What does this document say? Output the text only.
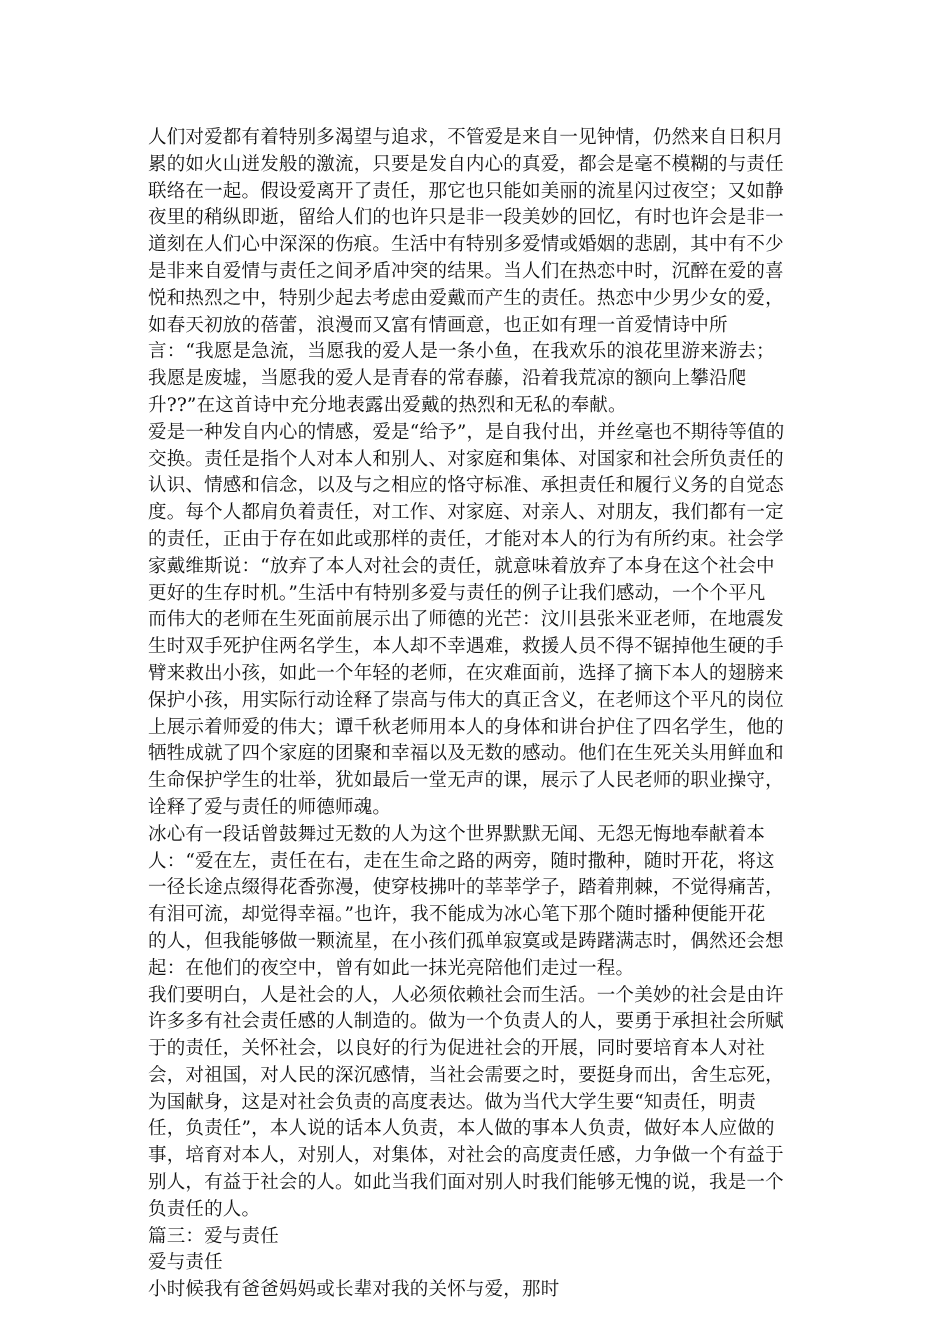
人们对爱都有着特别多渴望与追求，不管爱是来自一见钟情，仍然来自日积月
累的如火山迸发般的激流，只要是发自内心的真爱，都会是毫不模糊的与责任
联络在一起。假设爱离开了责任，那它也只能如美丽的流星闪过夜空；又如静
夜里的稍纵即逝，留给人们的也许只是非一段美妙的回忆，有时也许会是非一
道刻在人们心中深深的伤痕。生活中有特别多爱情或婚姻的悲剧，其中有不少
是非来自爱情与责任之间矛盾冲突的结果。当人们在热恋中时，沉醉在爱的喜
悦和热烈之中，特别少起去考虑由爱戴而产生的责任。热恋中少男少女的爱，
如春天初放的蓓蕾，浪漫而又富有情画意，也正如有理一首爱情诗中所
言：“我愿是急流，当愿我的爱人是一条小鱼，在我欢乐的浪花里游来游去；
我愿是废墟，当愿我的爱人是青春的常春藤，沿着我荒凉的额向上攀沿爬
升??”在这首诗中充分地表露出爱戴的热烈和无私的奉献。
爱是一种发自内心的情感，爱是“给予”，是自我付出，并丝毫也不期待等值的
交换。责任是指个人对本人和别人、对家庭和集体、对国家和社会所负责任的
认识、情感和信念，以及与之相应的恪守标准、承担责任和履行义务的自觉态
度。每个人都肩负着责任，对工作、对家庭、对亲人、对朋友，我们都有一定
的责任，正由于存在如此或那样的责任，才能对本人的行为有所约束。社会学
家戴维斯说：“放弃了本人对社会的责任，就意味着放弃了本身在这个社会中
更好的生存时机。”生活中有特别多爱与责任的例子让我们感动，一个个平凡
而伟大的老师在生死面前展示出了师德的光芒：汶川县张米亚老师，在地震发
生时双手死护住两名学生，本人却不幸遇难，救援人员不得不锯掉他生硬的手
臂来救出小孩，如此一个年轻的老师，在灾难面前，选择了摘下本人的翅膀来
保护小孩，用实际行动诠释了崇高与伟大的真正含义，在老师这个平凡的岗位
上展示着师爱的伟大；谭千秋老师用本人的身体和讲台护住了四名学生，他的
牺牲成就了四个家庭的团聚和幸福以及无数的感动。他们在生死关头用鲜血和
生命保护学生的壮举，犹如最后一堂无声的课，展示了人民老师的职业操守，
诠释了爱与责任的师德师魂。
冰心有一段话曾鼓舞过无数的人为这个世界默默无闻、无怨无悔地奉献着本
人：“爱在左，责任在右，走在生命之路的两旁，随时撒种，随时开花，将这
一径长途点缀得花香弥漫，使穿枝拂叶的莘莘学子，踏着荆棘，不觉得痛苦，
有泪可流，却觉得幸福。”也许，我不能成为冰心笔下那个随时播种便能开花
的人，但我能够做一颗流星，在小孩们孤单寂寞或是踌躇满志时，偶然还会想
起：在他们的夜空中，曾有如此一抹光亮陪他们走过一程。
我们要明白，人是社会的人，人必须依赖社会而生活。一个美妙的社会是由许
许多多有社会责任感的人制造的。做为一个负责人的人，要勇于承担社会所赋
于的责任，关怀社会，以良好的行为促进社会的开展，同时要培育本人对社
会，对祖国，对人民的深沉感情，当社会需要之时，要挺身而出，舍生忘死，
为国献身，这是对社会负责的高度表达。做为当代大学生要“知责任，明责
任，负责任”，本人说的话本人负责，本人做的事本人负责，做好本人应做的
事，培育对本人，对别人，对集体，对社会的高度责任感，力争做一个有益于
别人，有益于社会的人。如此当我们面对别人时我们能够无愧的说，我是一个
负责任的人。
篇三：爱与责任
爱与责任
小时候我有爸爸妈妈或长辈对我的关怀与爱，那时
